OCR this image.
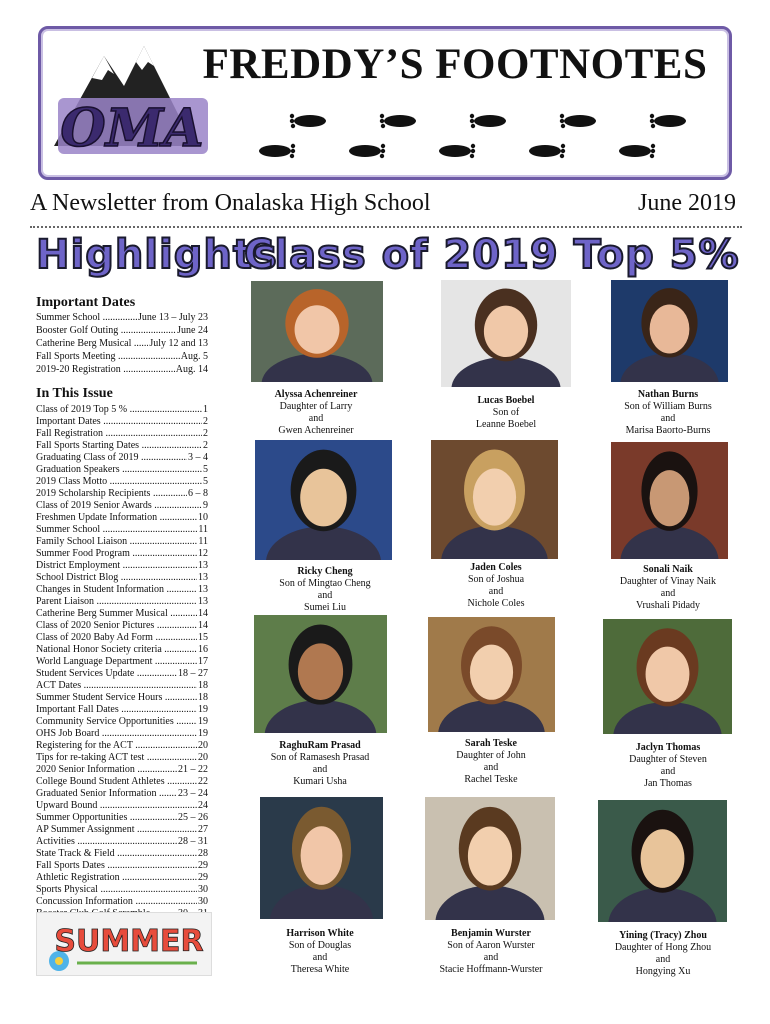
OMA
FREDDY’S FOOTNOTES
A Newsletter from Onalaska High School	June 2019
Highlights
Class of 2019 Top 5%
Important Dates
Summer School .....	June 13 – July 23
Booster Golf Outing .....	June 24
Catherine Berg Musical .....	July 12 and 13
Fall Sports Meeting .....	Aug. 5
2019-20 Registration .....	Aug. 14
In This Issue
Class of 2019 Top 5 % .....	1
Important Dates .....	2
Fall Registration .....	2
Fall Sports Starting Dates .....	2
Graduating Class of 2019 .....	3 – 4
Graduation Speakers .....	5
2019 Class Motto .....	5
2019 Scholarship Recipients .....	6 – 8
Class of 2019 Senior Awards .....	9
Freshmen Update Information .....	10
Summer School .....	11
Family School Liaison .....	11
Summer Food Program .....	12
District Employment .....	13
School District Blog .....	13
Changes in Student Information .....	13
Parent Liaison .....	13
Catherine Berg Summer Musical .....	14
Class of 2020 Senior Pictures .....	14
Class of 2020 Baby Ad Form .....	15
National Honor Society criteria .....	16
World Language Department .....	17
Student Services Update .....	18 – 27
ACT Dates .....	18
Summer Student Service Hours .....	18
Important Fall Dates .....	19
Community Service Opportunities .....	19
OHS Job Board .....	19
Registering for the ACT .....	20
Tips for re-taking ACT test .....	20
2020 Senior Information .....	21 – 22
College Bound Student Athletes .....	22
Graduated Senior Information .....	23 – 24
Upward Bound .....	24
Summer Opportunities .....	25 – 26
AP Summer Assignment .....	27
Activities .....	28 – 31
State Track & Field .....	28
Fall Sports Dates .....	29
Athletic Registration .....	29
Sports Physical .....	30
Concussion Information .....	30
.....
SUMMER
Alyssa Achenreiner
Daughter of Larry
and
Gwen Achenreiner
Lucas Boebel
Son of
Leanne Boebel
Nathan Burns
Son of William Burns
and
Marisa Baorto-Burns
Ricky Cheng
Son of Mingtao Cheng
and
Sumei Liu
Jaden Coles
Son of Joshua
and
Nichole Coles
Sonali Naik
Daughter of Vinay Naik
and
Vrushali Pidady
RaghuRam Prasad
Son of Ramasesh Prasad
and
Kumari Usha
Sarah Teske
Daughter of John
and
Rachel Teske
Jaclyn Thomas
Daughter of Steven
and
Jan Thomas
Harrison White
Son of Douglas
and
Theresa White
Benjamin Wurster
Son of Aaron Wurster
and
Stacie Hoffmann-Wurster
Yining (Tracy) Zhou
Daughter of Hong Zhou
and
Hongying Xu
